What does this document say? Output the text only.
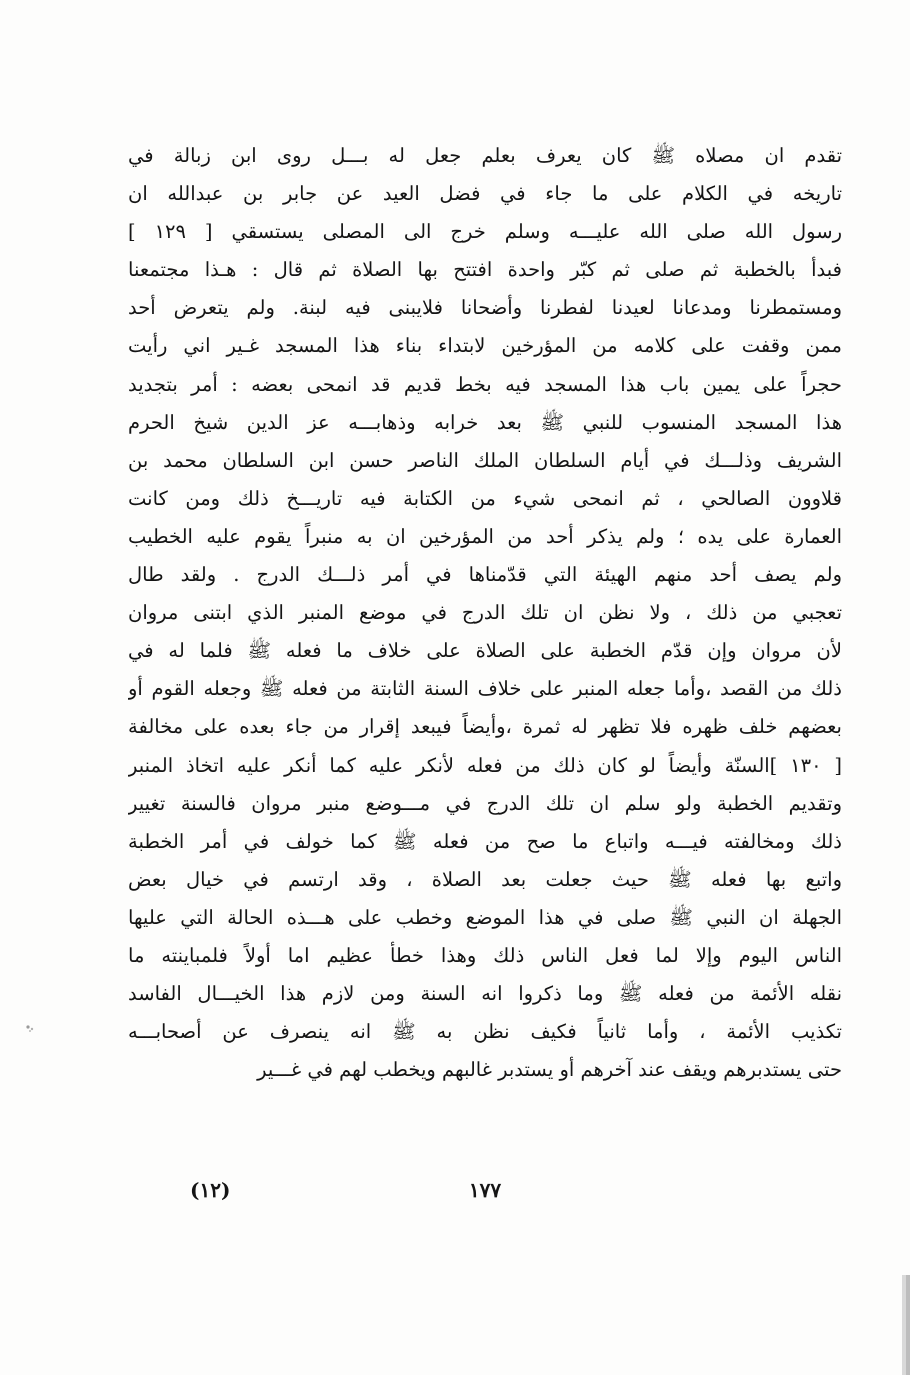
تقدم ان مصلاه ﷺ كان يعرف بعلم جعل له بـــل روى ابن زبالة في
تاريخه في الكلام على ما جاء في فضل العيد عن جابر بن عبدالله ان
رسول الله صلى الله عليـــه وسلم خرج الى المصلى يستسقي [ ١٢٩ ]
فبدأ بالخطبة ثم صلى ثم كبّر واحدة افتتح بها الصلاة ثم قال : هـذا مجتمعنا
ومستمطرنا ومدعانا لعيدنا لفطرنا وأضحانا فلايبنى فيه لبنة. ولم يتعرض أحد
ممن وقفت على كلامه من المؤرخين لابتداء بناء هذا المسجد غـير اني رأيت
حجراً على يمين باب هذا المسجد فيه بخط قديم قد انمحى بعضه : أمر بتجديد
هذا المسجد المنسوب للنبي ﷺ بعد خرابه وذهابـــه عز الدين شيخ الحرم
الشريف وذلـــك في أيام السلطان الملك الناصر حسن ابن السلطان محمد بن
قلاوون الصالحي ، ثم انمحى شيء من الكتابة فيه تاريـــخ ذلك ومن كانت
العمارة على يده ؛ ولم يذكر أحد من المؤرخين ان به منبراً يقوم عليه الخطيب
ولم يصف أحد منهم الهيئة التي قدّمناها في أمر ذلـــك الدرج . ولقد طال
تعجبي من ذلك ، ولا نظن ان تلك الدرج في موضع المنبر الذي ابتنى مروان
لأن مروان وإن قدّم الخطبة على الصلاة على خلاف ما فعله ﷺ فلما له في
ذلك من القصد ،وأما جعله المنبر على خلاف السنة الثابتة من فعله ﷺ وجعله القوم أو
بعضهم خلف ظهره فلا تظهر له ثمرة ،وأيضاً فيبعد إقرار من جاء بعده على مخالفة
[ ١٣٠ ]السنّة وأيضاً لو كان ذلك من فعله لأنكر عليه كما أنكر عليه اتخاذ المنبر
وتقديم الخطبة ولو سلم ان تلك الدرج في مـــوضع منبر مروان فالسنة تغيير
ذلك ومخالفته فيـــه واتباع ما صح من فعله ﷺ كما خولف في أمر الخطبة
واتبع بها فعله ﷺ حيث جعلت بعد الصلاة ، وقد ارتسم في خيال بعض
الجهلة ان النبي ﷺ صلى في هذا الموضع وخطب على هـــذه الحالة التي عليها
الناس اليوم وإلا لما فعل الناس ذلك وهذا خطأ عظيم اما أولاً فلمباينته ما
نقله الأئمة من فعله ﷺ وما ذكروا انه السنة ومن لازم هذا الخيـــال الفاسد
تكذيب الأئمة ، وأما ثانياً فكيف نظن به ﷺ انه ينصرف عن أصحابـــه
حتى يستدبرهم ويقف عند آخرهم أو يستدبر غالبهم ويخطب لهم في غـــير
١٧٧
(١٢)
